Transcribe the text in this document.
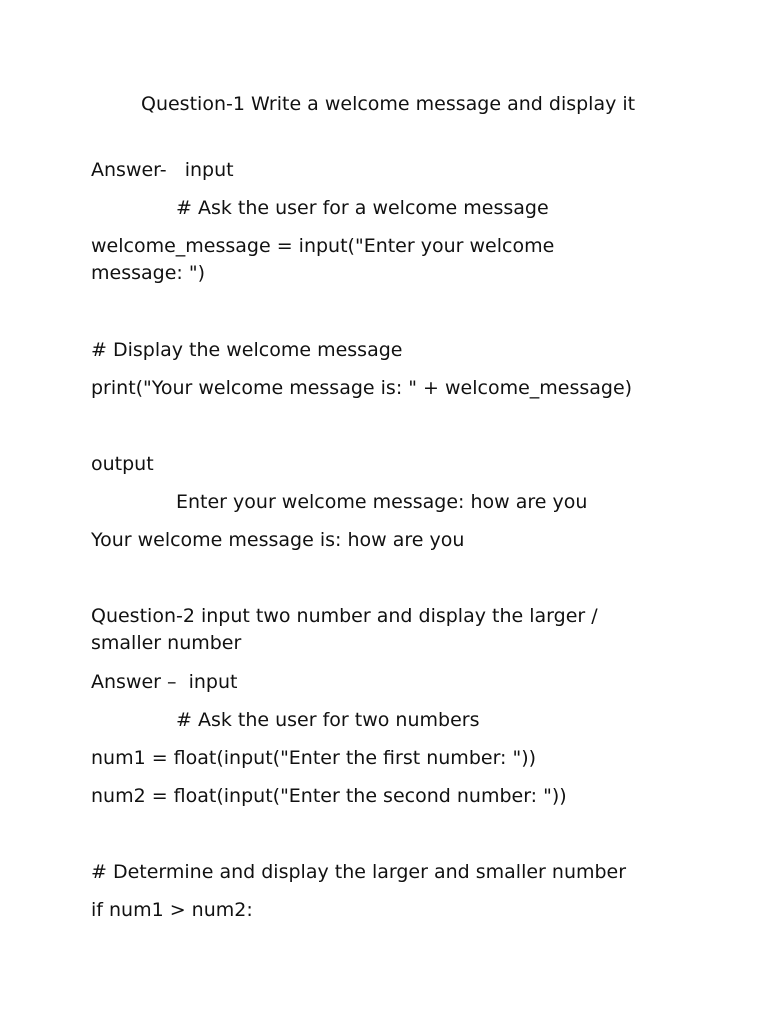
Question-1 Write a welcome message and display it
Answer-   input
# Ask the user for a welcome message
welcome_message = input("Enter your welcome message: ")
# Display the welcome message
print("Your welcome message is: " + welcome_message)
output
Enter your welcome message: how are you
Your welcome message is: how are you
Question-2 input two number and display the larger / smaller number
Answer –  input
# Ask the user for two numbers
num1 = float(input("Enter the first number: "))
num2 = float(input("Enter the second number: "))
# Determine and display the larger and smaller number
if num1 > num2:
